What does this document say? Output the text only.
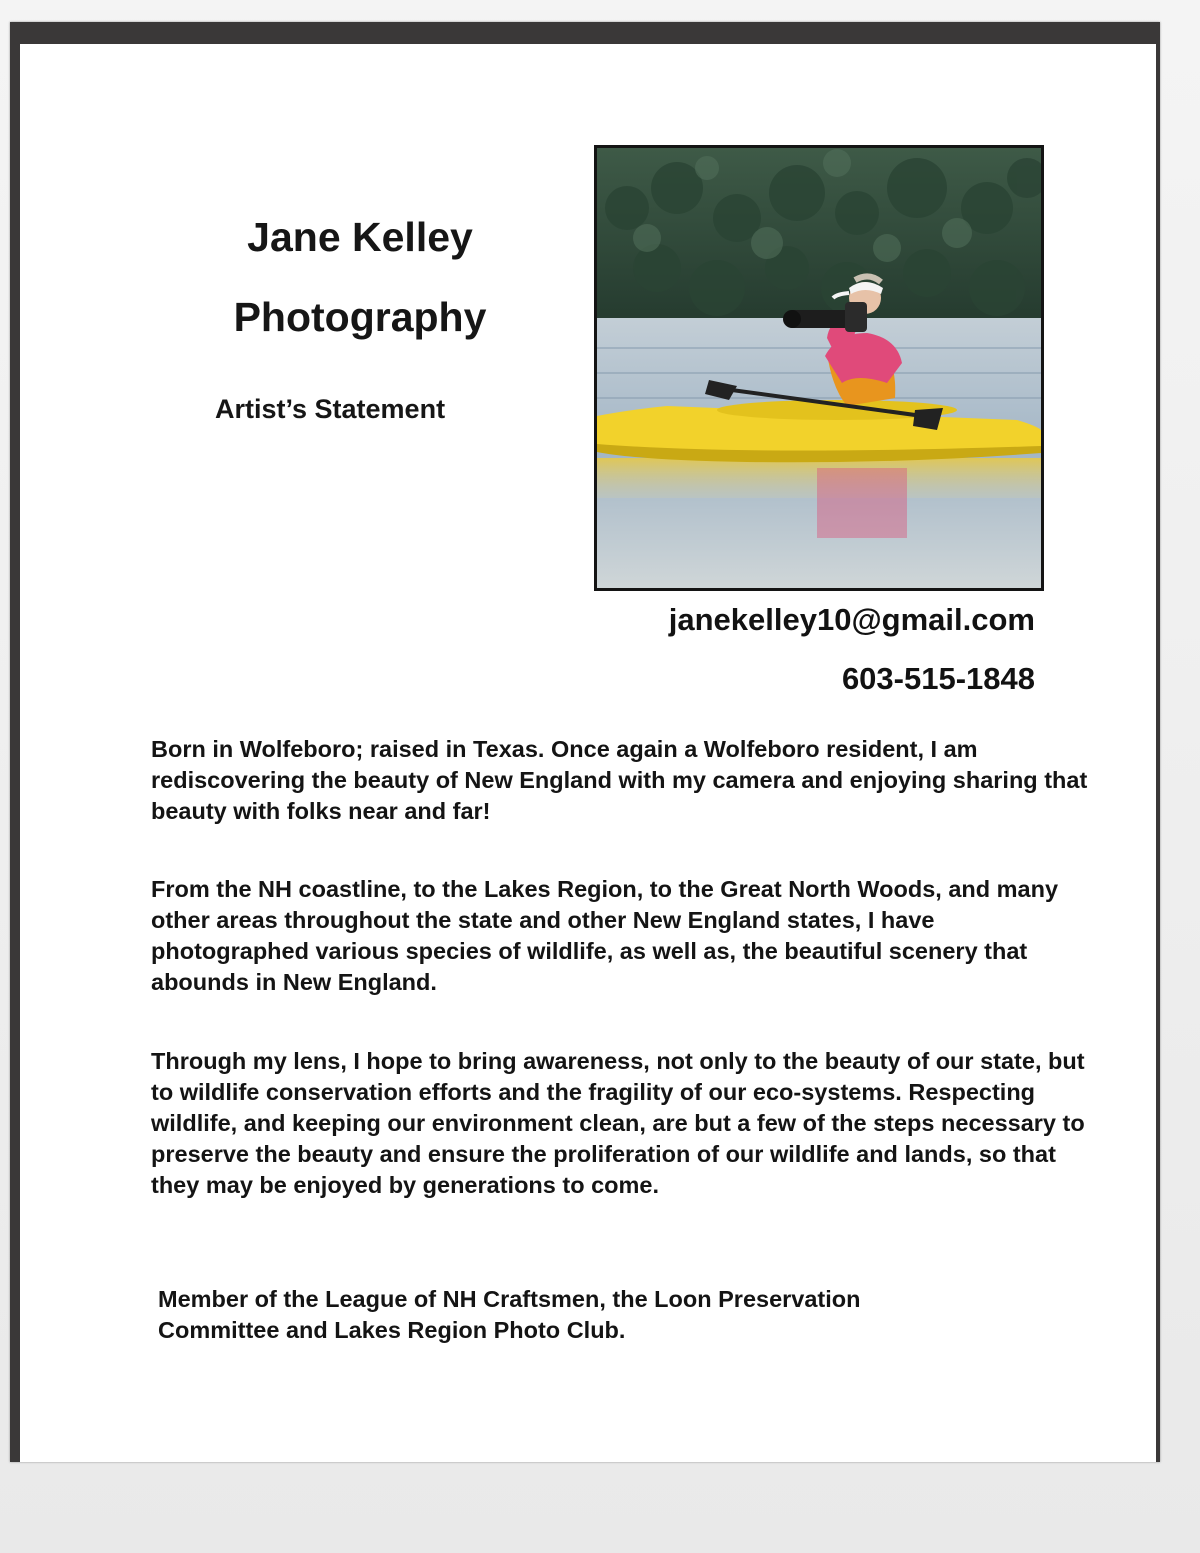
Jane Kelley
Photography
Artist’s Statement

janekelley10@gmail.com

603-515-1848

Born in Wolfeboro; raised in Texas. Once again a Wolfeboro resident, I am rediscovering the beauty of New England with my camera and enjoying sharing that beauty with folks near and far!

From the NH coastline, to the Lakes Region, to the Great North Woods, and many other areas throughout the state and other New England states, I have photographed various species of wildlife, as well as, the beautiful scenery that abounds in New England.

Through my lens, I hope to bring awareness, not only to the beauty of our state, but to wildlife conservation efforts and the fragility of our eco-systems. Respecting wildlife, and keeping our environment clean, are but a few of the steps necessary to preserve the beauty and ensure the proliferation of our wildlife and lands, so that they may be enjoyed by generations to come.

Member of the League of NH Craftsmen, the Loon Preservation Committee and Lakes Region Photo Club.
